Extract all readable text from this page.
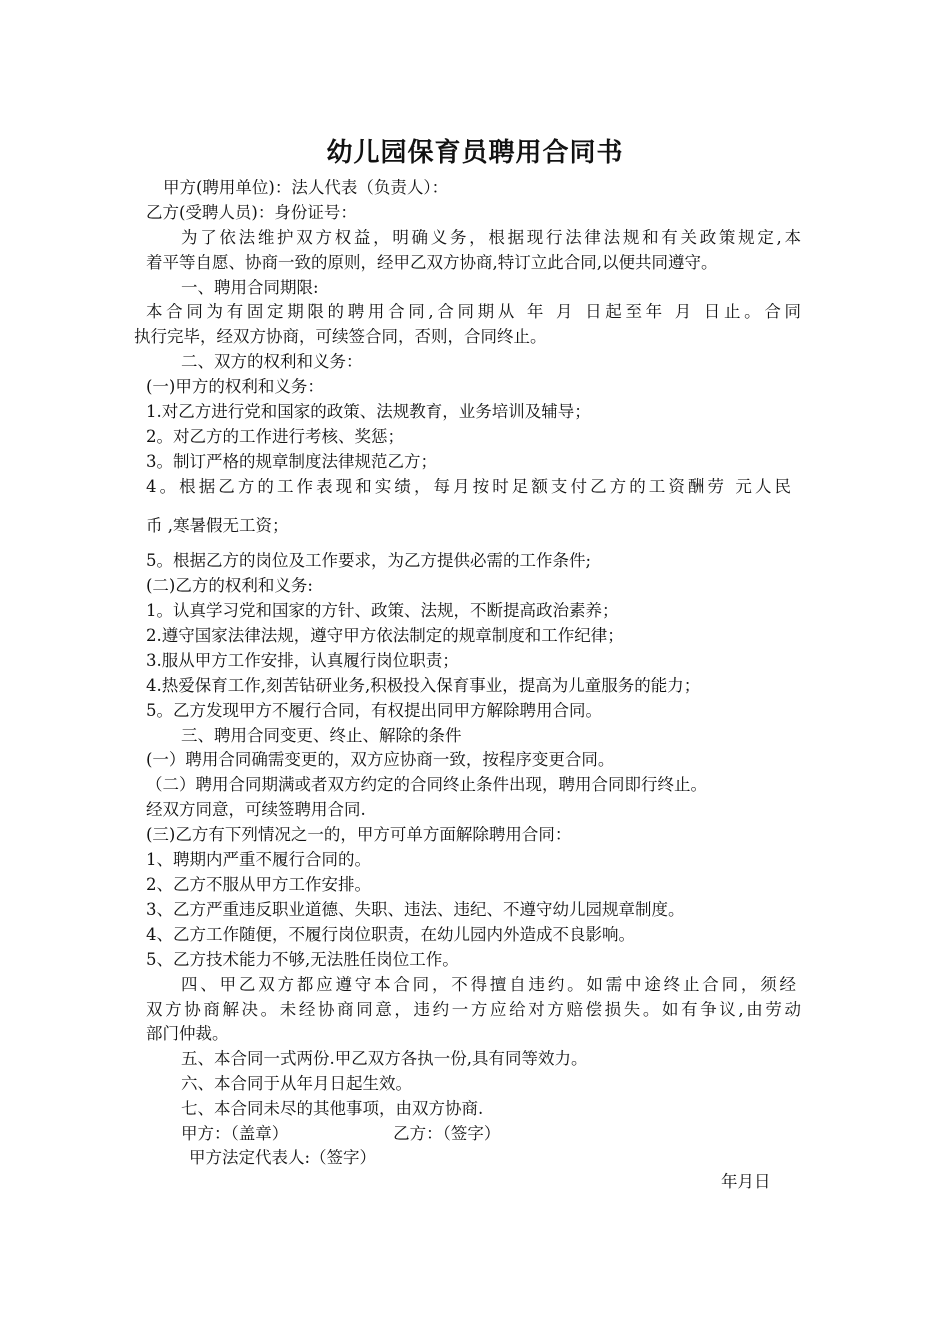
幼儿园保育员聘用合同书

甲方(聘用单位)：法人代表（负责人）：

乙方(受聘人员)：身份证号：

为了依法维护双方权益，明确义务，根据现行法律法规和有关政策规定,本

着平等自愿、协商一致的原则，经甲乙双方协商,特订立此合同,以便共同遵守。

一、聘用合同期限:

本合同为有固定期限的聘用合同,合同期从 年 月 日起至年 月 日止。合同

执行完毕，经双方协商，可续签合同，否则，合同终止。

二、双方的权利和义务：

(一)甲方的权利和义务：

1.对乙方进行党和国家的政策、法规教育，业务培训及辅导；

2。对乙方的工作进行考核、奖惩；

3。制订严格的规章制度法律规范乙方；

4。根据乙方的工作表现和实绩，每月按时足额支付乙方的工资酬劳 元人民

币 ,寒暑假无工资；

5。根据乙方的岗位及工作要求，为乙方提供必需的工作条件;

(二)乙方的权利和义务:

1。认真学习党和国家的方针、政策、法规，不断提高政治素养；

2.遵守国家法律法规，遵守甲方依法制定的规章制度和工作纪律；

3.服从甲方工作安排，认真履行岗位职责；

4.热爱保育工作,刻苦钻研业务,积极投入保育事业，提高为儿童服务的能力；

5。乙方发现甲方不履行合同，有权提出同甲方解除聘用合同。

三、聘用合同变更、终止、解除的条件

(一）聘用合同确需变更的，双方应协商一致，按程序变更合同。

（二）聘用合同期满或者双方约定的合同终止条件出现，聘用合同即行终止。

经双方同意，可续签聘用合同.

(三)乙方有下列情况之一的，甲方可单方面解除聘用合同：

1、聘期内严重不履行合同的。

2、乙方不服从甲方工作安排。

3、乙方严重违反职业道德、失职、违法、违纪、不遵守幼儿园规章制度。

4、乙方工作随便，不履行岗位职责，在幼儿园内外造成不良影响。

5、乙方技术能力不够,无法胜任岗位工作。

四、甲乙双方都应遵守本合同，不得擅自违约。如需中途终止合同，须经

双方协商解决。未经协商同意，违约一方应给对方赔偿损失。如有争议,由劳动

部门仲裁。

五、本合同一式两份.甲乙双方各执一份,具有同等效力。

六、本合同于从年月日起生效。

七、本合同未尽的其他事项，由双方协商.

甲方：（盖章）                    乙方：（签字）

甲方法定代表人:（签字）

年月日
